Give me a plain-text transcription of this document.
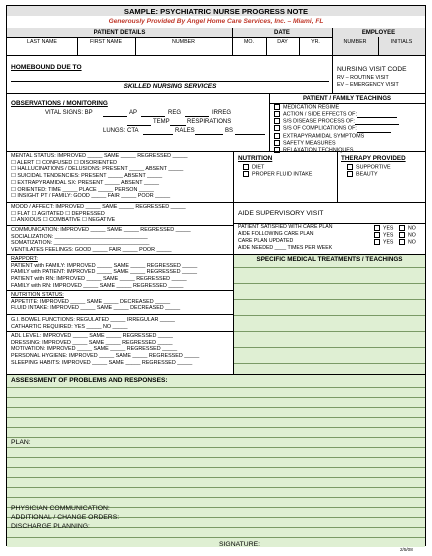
SAMPLE: PSYCHIATRIC NURSE PROGRESS NOTE
Generously Provided By Angel Home Care Services, Inc. – Miami, FL
PATIENT DETAILS	DATE	EMPLOYEE
LAST NAME	FIRST NAME	NUMBER	MO.	DAY	YR.	NUMBER	INITIALS
HOMEBOUND DUE TO
SKILLED NURSING SERVICES
NURSING VISIT CODE
RV – ROUTINE VISIT
EV – EMERGENCY VISIT
OBSERVATIONS / MONITORING
VITAL SIGNS: BP	AP	REG	IRREG
TEMP	RESPIRATIONS
LUNGS: CTA	RALES	BS
PATIENT / FAMILY TEACHINGS
MEDICATION REGIME
ACTION / SIDE EFFECTS OF:
S/S DISEASE PROCESS OF:
S/S OF COMPLICATIONS OF:
EXTRAPYRAMIDAL SYMPTOMS
SAFETY MEASURES
RELAXATION TECHNIQUES
MENTAL STATUS: IMPROVED _____ SAME _____ REGRESSED _____
☐ ALERT ☐ CONFUSED ☐ DISORIENTED
☐ HALLUCINATIONS / DELUSIONS: PRESENT _____ ABSENT _____
☐ SUICIDAL TENDENCIES: PRESENT _____ ABSENT _____
☐ EXTRAPYRAMIDAL SX: PRESENT _____ ABSENT _____
☐ ORIENTED: TIME _____ PLACE _____ PERSON _____
☐ INSIGHT PT / FAMILY: GOOD _____ FAIR _____ POOR _____
MOOD / AFFECT: IMPROVED _____ SAME _____ REGRESSED _____
☐ FLAT ☐ AGITATED ☐ DEPRESSED
☐ ANXIOUS ☐ COMBATIVE ☐ NEGATIVE
COMMUNICATION: IMPROVED _____ SAME _____ REGRESSED _____
SOCIALIZATION: _______________________________
SOMATIZATION: ________________________________
VENTILATES FEELINGS: GOOD _____ FAIR _____ POOR _____
RAPPORT:
PATIENT with FAMILY: IMPROVED _____ SAME _____ REGRESSED _____
FAMILY with PATIENT: IMPROVED _____ SAME _____ REGRESSED _____
PATIENT with RN: IMPROVED _____ SAME _____ REGRESSED _____
FAMILY with RN: IMPROVED _____ SAME _____ REGRESSED _____
NUTRITION STATUS:
APPETITE: IMPROVED _____ SAME _____ DECREASED _____
FLUID INTAKE: IMPROVED _____ SAME _____ DECREASED _____
G.I. BOWEL FUNCTIONS: REGULATED _____ IRREGULAR _____
CATHARTIC REQUIRED: YES _____ NO _____
ADL LEVEL: IMPROVED _____ SAME _____ REGRESSED _____
DRESSING: IMPROVED _____ SAME _____ REGRESSED _____
MOTIVATION: IMPROVED _____ SAME _____ REGRESSED _____
PERSONAL HYGIENE: IMPROVED _____ SAME _____ REGRESSED _____
SLEEPING HABITS: IMPROVED _____ SAME _____ REGRESSED _____
NUTRITION
DIET
PROPER FLUID INTAKE
THERAPY PROVIDED
SUPPORTIVE
BEAUTY
AIDE SUPERVISORY VISIT
PATIENT SATISFIED WITH CARE PLAN	YES	NO
AIDE FOLLOWING CARE PLAN	YES	NO
CARE PLAN UPDATED	YES	NO
AIDE NEEDED ____ TIMES PER WEEK
SPECIFIC MEDICAL TREATMENTS / TEACHINGS
ASSESSMENT OF PROBLEMS AND RESPONSES:
PLAN:
PHYSICIAN COMMUNICATION:
ADDITIONAL / CHANGE ORDERS:
DISCHARGE PLANNING:
SIGNATURE:
2/5/08
